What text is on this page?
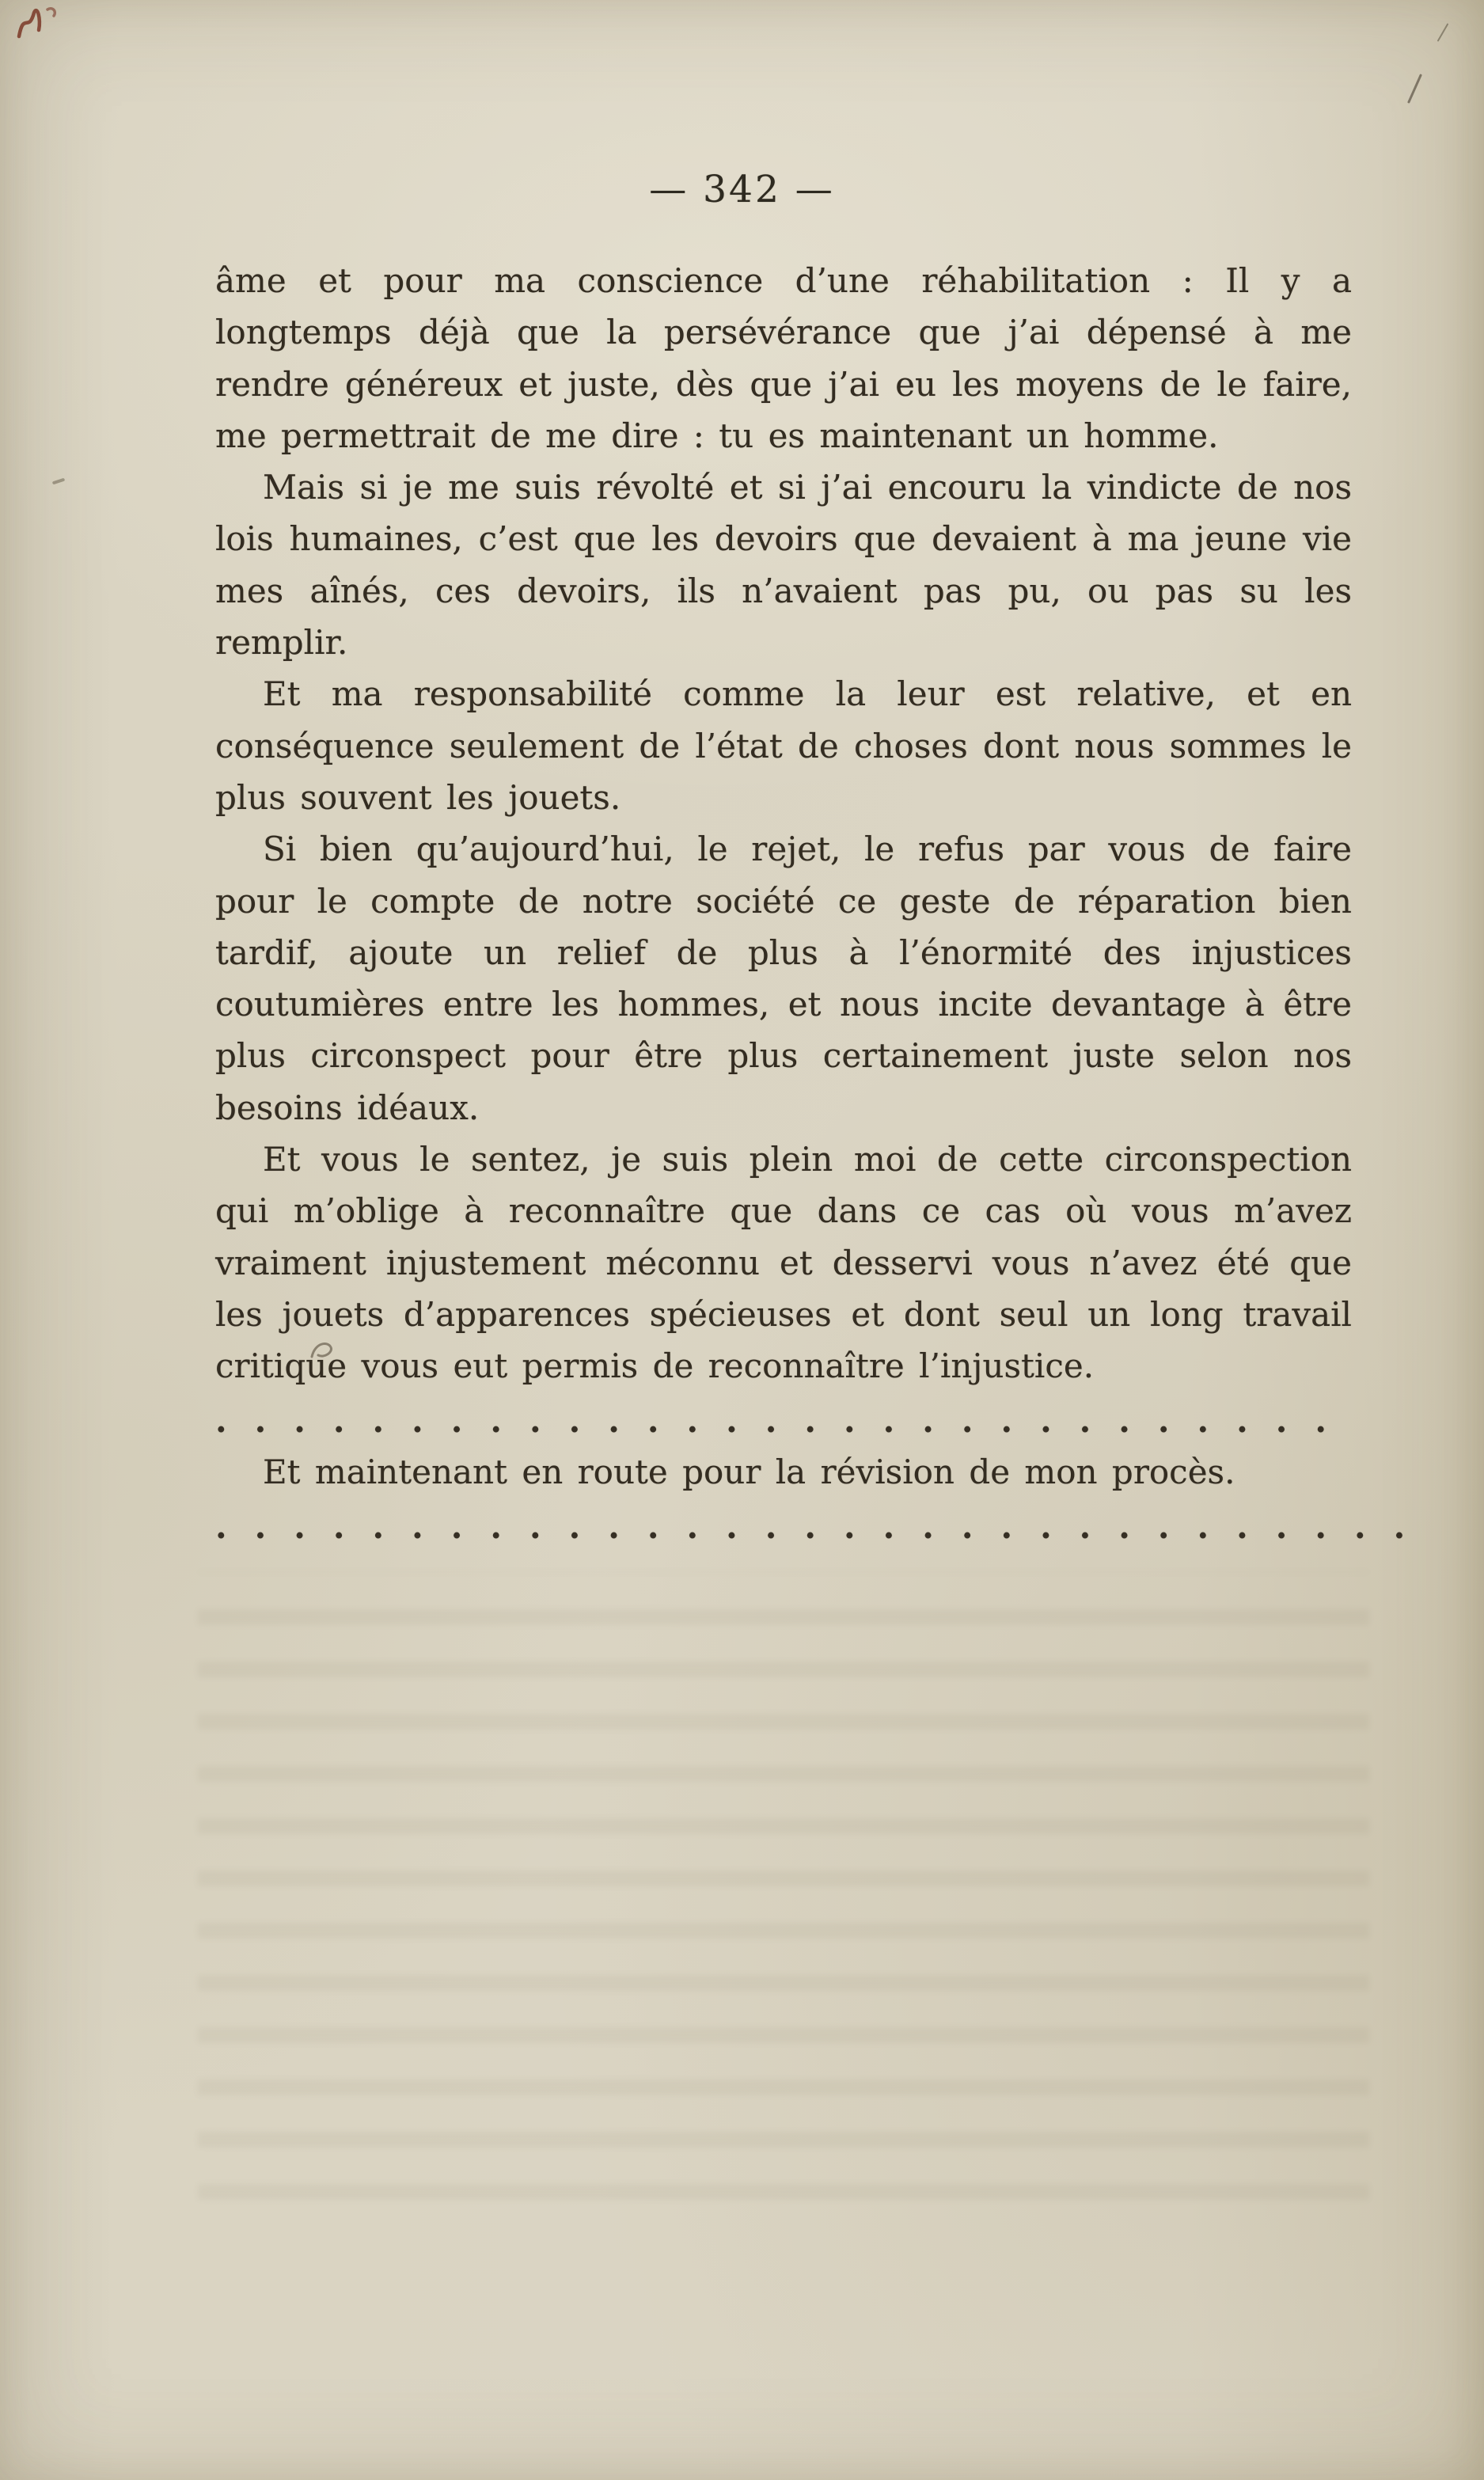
— 342 —

âme et pour ma conscience d’une réhabilitation : Il y a longtemps déjà que la persévérance que j’ai dépensé à me rendre généreux et juste, dès que j’ai eu les moyens de le faire, me permettrait de me dire : tu es maintenant un homme.

Mais si je me suis révolté et si j’ai encouru la vindicte de nos lois humaines, c’est que les devoirs que devaient à ma jeune vie mes aînés, ces devoirs, ils n’avaient pas pu, ou pas su les remplir.

Et ma responsabilité comme la leur est relative, et en conséquence seulement de l’état de choses dont nous sommes le plus souvent les jouets.

Si bien qu’aujourd’hui, le rejet, le refus par vous de faire pour le compte de notre société ce geste de réparation bien tardif, ajoute un relief de plus à l’énormité des injustices coutumières entre les hommes, et nous incite devantage à être plus circonspect pour être plus certainement juste selon nos besoins idéaux.

Et vous le sentez, je suis plein moi de cette circonspection qui m’oblige à reconnaître que dans ce cas où vous m’avez vraiment injustement méconnu et desservi vous n’avez été que les jouets d’apparences spécieuses et dont seul un long travail critique vous eut permis de reconnaître l’injustice.

.............................

Et maintenant en route pour la révision de mon procès.

...............................
